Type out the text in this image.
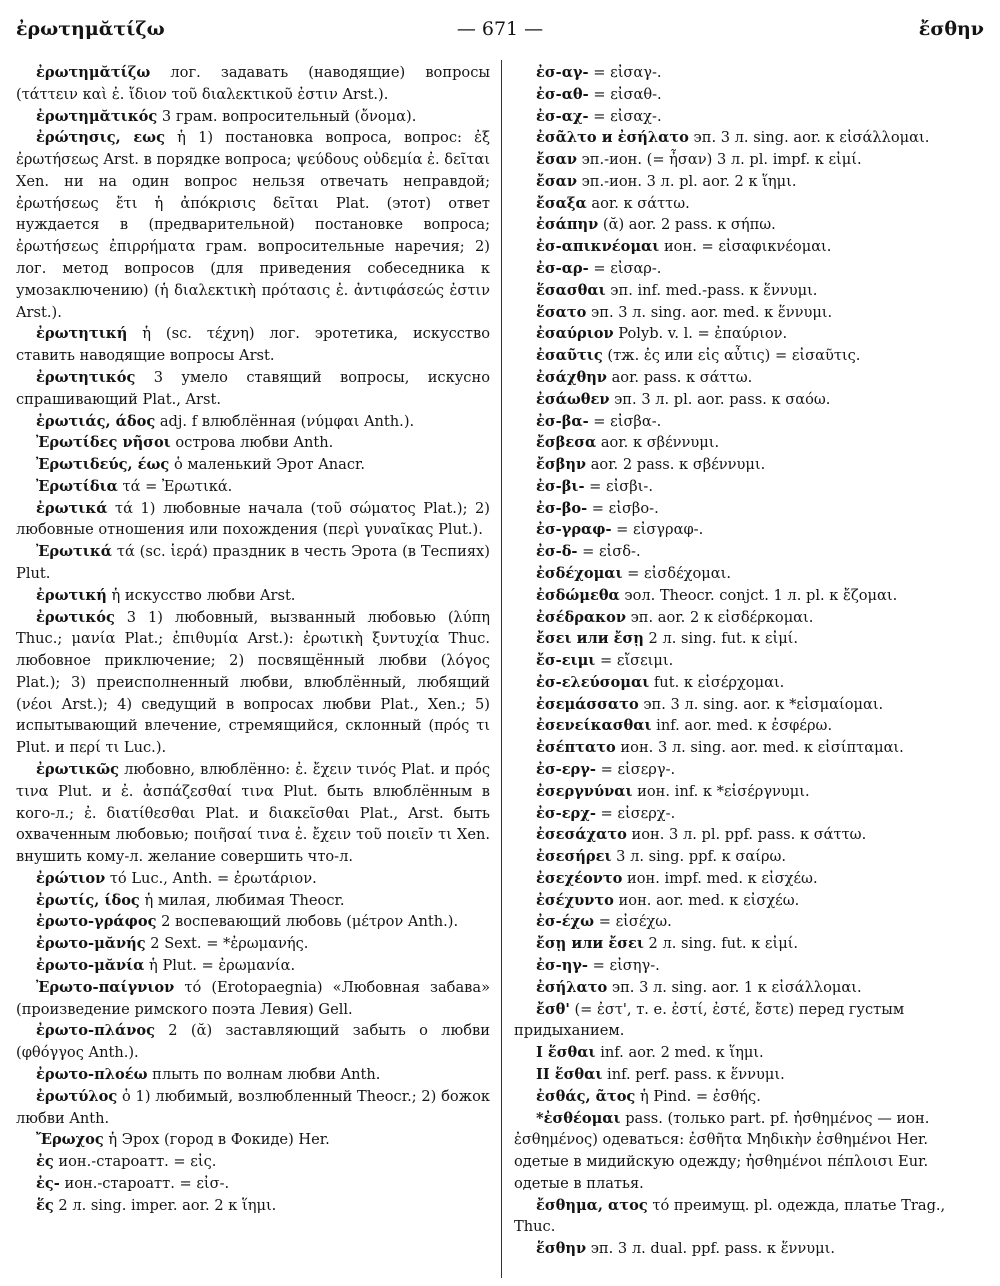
ἐρωτημᾰτίζω	— 671 —	ἔσθην

ἐρωτημᾰτίζω лог. задавать (наводящие) вопросы (τάττειν καὶ ἐ. ἴδιον τοῦ διαλεκτικοῦ ἐστιν Arst.).

ἐρωτημᾰτικός 3 грам. вопросительный (ὄνομα).

ἐρώτησις, εως ἡ 1) постановка вопроса, вопрос: ἐξ ἐρωτήσεως Arst. в порядке вопроса; ψεύδους οὐδεμία ἐ. δεῖται Xen. ни на один вопрос нельзя отвечать неправдой; ἐρωτήσεως ἔτι ἡ ἀπόκρισις δεῖται Plat. (этот) ответ нуждается в (предварительной) постановке вопроса; ἐρωτήσεως ἐπιρρήματα грам. вопросительные наречия; 2) лог. метод вопросов (для приведения собеседника к умозаключению) (ἡ διαλεκτικὴ πρότασις ἐ. ἀντιφάσεώς ἐστιν Arst.).

ἐρωτητική ἡ (sc. τέχνη) лог. эротетика, искусство ставить наводящие вопросы Arst.

ἐρωτητικός 3 умело ставящий вопросы, искусно спрашивающий Plat., Arst.

ἐρωτιάς, άδος adj. f влюблённая (νύμφαι Anth.).

Ἐρωτίδες νῆσοι острова любви Anth.

Ἐρωτιδεύς, έως ὁ маленький Эрот Anacr.

Ἐρωτίδια τά = Ἐρωτικά.

ἐρωτικά τά 1) любовные начала (τοῦ σώματος Plat.); 2) любовные отношения или похождения (περὶ γυναῖκας Plut.).

Ἐρωτικά τά (sc. ἱερά) праздник в честь Эрота (в Теспиях) Plut.

ἐρωτική ἡ искусство любви Arst.

ἐρωτικός 3 1) любовный, вызванный любовью (λύπη Thuc.; μανία Plat.; ἐπιθυμία Arst.): ἐρωτικὴ ξυντυχία Thuc. любовное приключение; 2) посвящённый любви (λόγος Plat.); 3) преисполненный любви, влюблённый, любящий (νέοι Arst.); 4) сведущий в вопросах любви Plat., Xen.; 5) испытывающий влечение, стремящийся, склонный (πρός τι Plut. и περί τι Luc.).

ἐρωτικῶς любовно, влюблённо: ἐ. ἔχειν τινός Plat. и πρός τινα Plut. и ἐ. ἀσπάζεσθαί τινα Plut. быть влюблённым в кого-л.; ἐ. διατίθεσθαι Plat. и διακεῖσθαι Plat., Arst. быть охваченным любовью; ποιῆσαί τινα ἐ. ἔχειν τοῦ ποιεῖν τι Xen. внушить кому-л. желание совершить что-л.

ἐρώτιον τό Luc., Anth. = ἐρωτάριον.

ἐρωτίς, ίδος ἡ милая, любимая Theocr.

ἐρωτο-γράφος 2 воспевающий любовь (μέτρον Anth.).

ἐρωτο-μᾰνής 2 Sext. = *ἐρωμανής.

ἐρωτο-μᾰνία ἡ Plut. = ἐρωμανία.

Ἐρωτο-παίγνιον τό (Erotopaegnia) «Любовная забава» (произведение римского поэта Левия) Gell.

ἐρωτο-πλάνος 2 (ᾰ) заставляющий забыть о любви (φθόγγος Anth.).

ἐρωτο-πλοέω плыть по волнам любви Anth.

ἐρωτύλος ὁ 1) любимый, возлюбленный Theocr.; 2) божок любви Anth.

Ἔρωχος ἡ Эрох (город в Фокиде) Her.

ἐς ион.-староатт. = εἰς.

ἐς- ион.-староатт. = εἰσ-.

ἕς 2 л. sing. imper. aor. 2 к ἵημι.

ἐσ-αγ- = εἰσαγ-.

ἐσ-αθ- = εἰσαθ-.

ἐσ-αχ- = εἰσαχ-.

ἐσᾶλτο и ἐσήλατο эп. 3 л. sing. aor. к εἰσάλλομαι.

ἔσαν эп.-ион. (= ἦσαν) 3 л. pl. impf. к εἰμί.

ἔσαν эп.-ион. 3 л. pl. aor. 2 к ἵημι.

ἔσαξα aor. к σάττω.

ἐσάπην (ᾰ) aor. 2 pass. к σήπω.

ἐσ-απικνέομαι ион. = εἰσαφικνέομαι.

ἐσ-αρ- = εἰσαρ-.

ἕσασθαι эп. inf. med.-pass. к ἕννυμι.

ἕσατο эп. 3 л. sing. aor. med. к ἕννυμι.

ἐσαύριον Polyb. v. l. = ἐπαύριον.

ἐσαῦτις (тж. ἐς или εἰς αὖτις) = εἰσαῦτις.

ἐσάχθην aor. pass. к σάττω.

ἐσάωθεν эп. 3 л. pl. aor. pass. к σαόω.

ἐσ-βα- = εἰσβα-.

ἔσβεσα aor. к σβέννυμι.

ἔσβην aor. 2 pass. к σβέννυμι.

ἐσ-βι- = εἰσβι-.

ἐσ-βο- = εἰσβο-.

ἐσ-γραφ- = εἰσγραφ-.

ἐσ-δ- = εἰσδ-.

ἐσδέχομαι = εἰσδέχομαι.

ἐσδώμεθα эол. Theocr. conjct. 1 л. pl. к ἔζομαι.

ἐσέδρακον эп. aor. 2 к εἰσδέρκομαι.

ἔσει или ἔσῃ 2 л. sing. fut. к εἰμί.

ἔσ-ειμι = εἴσειμι.

ἐσ-ελεύσομαι fut. к εἰσέρχομαι.

ἐσεμάσσατο эп. 3 л. sing. aor. к *εἰσμαίομαι.

ἐσενείκασθαι inf. aor. med. к ἐσφέρω.

ἐσέπτατο ион. 3 л. sing. aor. med. к εἰσίπταμαι.

ἐσ-εργ- = εἰσεργ-.

ἐσεργνύναι ион. inf. к *εἰσέργνυμι.

ἐσ-ερχ- = εἰσερχ-.

ἐσεσάχατο ион. 3 л. pl. ppf. pass. к σάττω.

ἐσεσήρει 3 л. sing. ppf. к σαίρω.

ἐσεχέοντο ион. impf. med. к εἰσχέω.

ἐσέχυντο ион. aor. med. к εἰσχέω.

ἐσ-έχω = εἰσέχω.

ἔσῃ или ἔσει 2 л. sing. fut. к εἰμί.

ἐσ-ηγ- = εἰσηγ-.

ἐσήλατο эп. 3 л. sing. aor. 1 к εἰσάλλομαι.

ἔσθ' (= ἐστ', т. е. ἐστί, ἐστέ, ἔστε) перед густым придыханием.

I ἕσθαι inf. aor. 2 med. к ἵημι.

II ἕσθαι inf. perf. pass. к ἕννυμι.

ἐσθάς, ᾶτος ἡ Pind. = ἐσθής.

*ἐσθέομαι pass. (только part. pf. ἠσθημένος — ион. ἐσθημένος) одеваться: ἐσθῆτα Μηδικὴν ἐσθημένοι Her. одетые в мидийскую одежду; ἠσθημένοι πέπλοισι Eur. одетые в платья.

ἔσθημα, ατος τό преимущ. pl. одежда, платье Trag., Thuc.

ἕσθην эп. 3 л. dual. ppf. pass. к ἕννυμι.
